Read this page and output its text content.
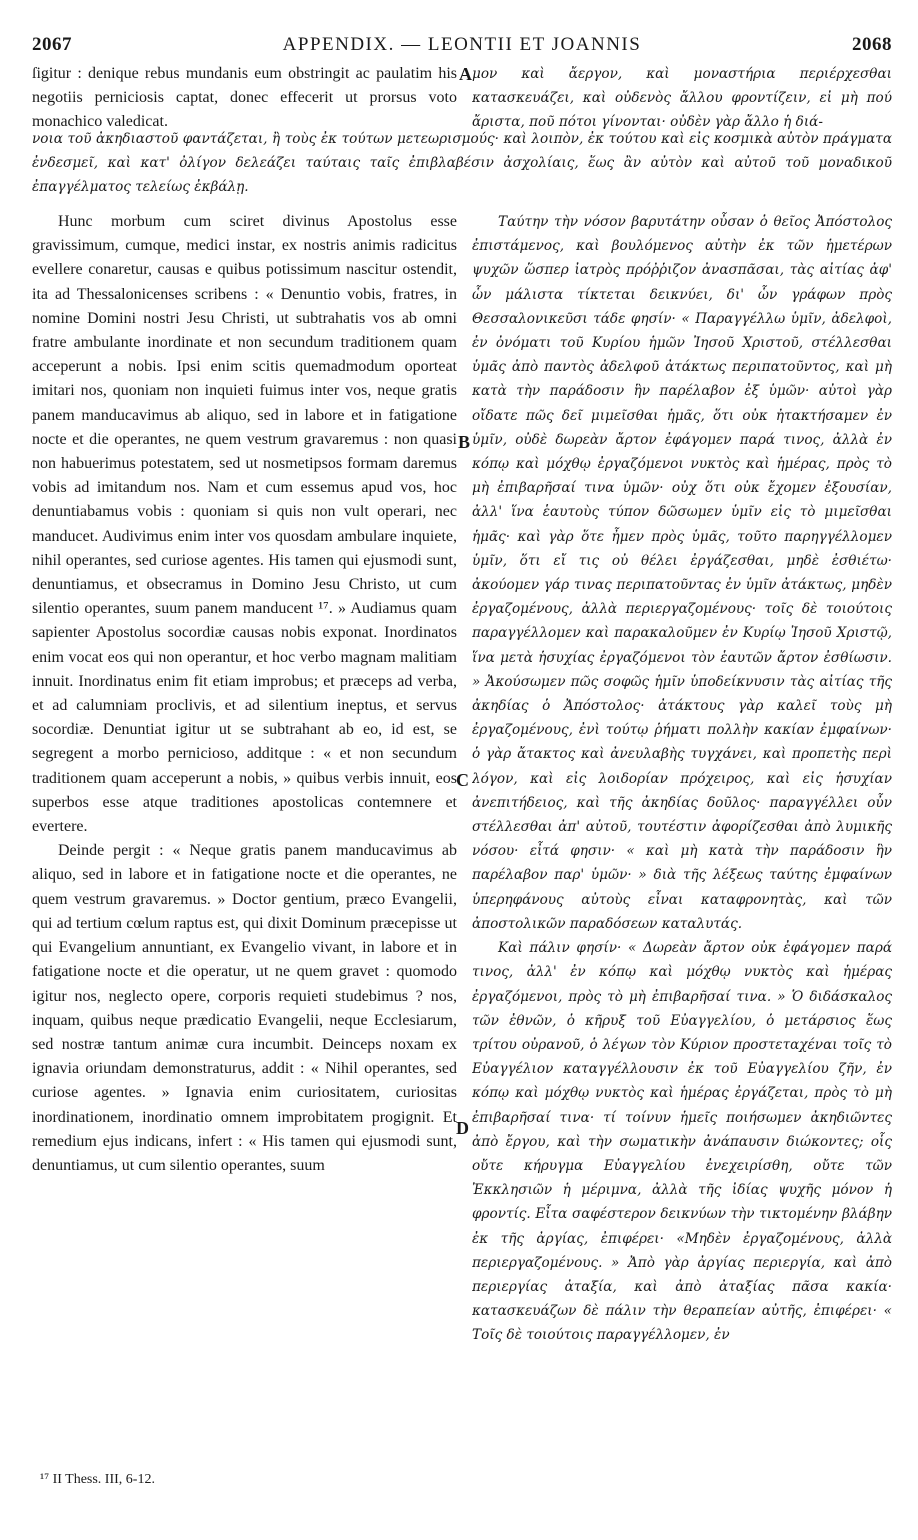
2067	APPENDIX. — LEONTII ET JOANNIS	2068

ſigitur : denique rebus mundanis eum obstringit ac paulatim his negotiis perniciosis captat, donec effecerit ut prorsus voto monachico valedicat.

μον καὶ ἄεργον, καὶ μοναστήρια περιέρχεσθαι κατασκευάζει, καὶ οὐδενὸς ἄλλου φροντίζειν, εἰ μὴ πού ἄριστα, ποῦ πότοι γίνονται· οὐδὲν γὰρ ἄλλο ἡ διά-

νοια τοῦ ἀκηδιαστοῦ φαντάζεται, ἢ τοὺς ἐκ τούτων μετεωρισμούς· καὶ λοιπὸν, ἐκ τούτου καὶ εἰς κοσμικὰ αὐτὸν πράγματα ἐνδεσμεῖ, καὶ κατ' ὀλίγον δελεάζει ταύταις ταῖς ἐπιβλαβέσιν ἀσχολίαις, ἕως ἂν αὐτὸν καὶ αὐτοῦ τοῦ μοναδικοῦ ἐπαγγέλματος τελείως ἐκβάλῃ.

Hunc morbum cum sciret divinus Apostolus esse gravissimum, cumque, medici instar, ex nostris animis radicitus evellere conaretur, causas e quibus potissimum nascitur ostendit, ita ad Thessalonicenses scribens : « Denuntio vobis, fratres, in nomine Domini nostri Jesu Christi, ut subtrahatis vos ab omni fratre ambulante inordinate et non secundum traditionem quam acceperunt a nobis. Ipsi enim scitis quemadmodum oporteat imitari nos, quoniam non inquieti fuimus inter vos, neque gratis panem manducavimus ab aliquo, sed in labore et in fatigatione nocte et die operantes, ne quem vestrum gravaremus : non quasi non habuerimus potestatem, sed ut nosmetipsos formam daremus vobis ad imitandum nos. Nam et cum essemus apud vos, hoc denuntiabamus vobis : quoniam si quis non vult operari, nec manducet. Audivimus enim inter vos quosdam ambulare inquiete, nihil operantes, sed curiose agentes. His tamen qui ejusmodi sunt, denuntiamus, et obsecramus in Domino Jesu Christo, ut cum silentio operantes, suum panem manducent ¹⁷. » Audiamus quam sapienter Apostolus socordiæ causas nobis exponat. Inordinatos enim vocat eos qui non operantur, et hoc verbo magnam malitiam innuit. Inordinatus enim fit etiam improbus; et præceps ad verba, et ad calumniam proclivis, et ad silentium ineptus, et servus socordiæ. Denuntiat igitur ut se subtrahant ab eo, id est, se segregent a morbo pernicioso, additque : « et non secundum traditionem quam acceperunt a nobis, » quibus verbis innuit, eos superbos esse atque traditiones apostolicas contemnere et evertere.

Deinde pergit : « Neque gratis panem manducavimus ab aliquo, sed in labore et in fatigatione nocte et die operantes, ne quem vestrum gravaremus. » Doctor gentium, præco Evangelii, qui ad tertium cœlum raptus est, qui dixit Dominum præcepisse ut qui Evangelium annuntiant, ex Evangelio vivant, in labore et in fatigatione nocte et die operatur, ut ne quem gravet : quomodo igitur nos, neglecto opere, corporis requieti studebimus ? nos, inquam, quibus neque prædicatio Evangelii, neque Ecclesiarum, sed nostræ tantum animæ cura incumbit. Deinceps noxam ex ignavia oriundam demonstraturus, addit : « Nihil operantes, sed curiose agentes. » Ignavia enim curiositatem, curiositas inordinationem, inordinatio omnem improbitatem progignit. Et remedium ejus indicans, infert : « His tamen qui ejusmodi sunt, denuntiamus, ut cum silentio operantes, suum

Ταύτην τὴν νόσον βαρυτάτην οὖσαν ὁ θεῖος Ἀπόστολος ἐπιστάμενος, καὶ βουλόμενος αὐτὴν ἐκ τῶν ἡμετέρων ψυχῶν ὥσπερ ἰατρὸς πρόῤῥιζον ἀνασπᾶσαι, τὰς αἰτίας ἀφ' ὧν μάλιστα τίκτεται δεικνύει, δι' ὧν γράφων πρὸς Θεσσαλονικεῦσι τάδε φησίν· « Παραγγέλλω ὑμῖν, ἀδελφοὶ, ἐν ὀνόματι τοῦ Κυρίου ἡμῶν Ἰησοῦ Χριστοῦ, στέλλεσθαι ὑμᾶς ἀπὸ παντὸς ἀδελφοῦ ἀτάκτως περιπατοῦντος, καὶ μὴ κατὰ τὴν παράδοσιν ἣν παρέλαβον ἐξ ὑμῶν· αὐτοὶ γὰρ οἴδατε πῶς δεῖ μιμεῖσθαι ἡμᾶς, ὅτι οὐκ ἠτακτήσαμεν ἐν ὑμῖν, οὐδὲ δωρεὰν ἄρτον ἐφάγομεν παρά τινος, ἀλλὰ ἐν κόπῳ καὶ μόχθῳ ἐργαζόμενοι νυκτὸς καὶ ἡμέρας, πρὸς τὸ μὴ ἐπιβαρῆσαί τινα ὑμῶν· οὐχ ὅτι οὐκ ἔχομεν ἐξουσίαν, ἀλλ' ἵνα ἑαυτοὺς τύπον δῶσωμεν ὑμῖν εἰς τὸ μιμεῖσθαι ἡμᾶς· καὶ γὰρ ὅτε ἦμεν πρὸς ὑμᾶς, τοῦτο παρηγγέλλομεν ὑμῖν, ὅτι εἴ τις οὐ θέλει ἐργάζεσθαι, μηδὲ ἐσθιέτω· ἀκούομεν γάρ τινας περιπατοῦντας ἐν ὑμῖν ἀτάκτως, μηδὲν ἐργαζομένους, ἀλλὰ περιεργαζομένους· τοῖς δὲ τοιούτοις παραγγέλλομεν καὶ παρακαλοῦμεν ἐν Κυρίῳ Ἰησοῦ Χριστῷ, ἵνα μετὰ ἡσυχίας ἐργαζόμενοι τὸν ἑαυτῶν ἄρτον ἐσθίωσιν. » Ἀκούσωμεν πῶς σοφῶς ἡμῖν ὑποδείκνυσιν τὰς αἰτίας τῆς ἀκηδίας ὁ Ἀπόστολος· ἀτάκτους γὰρ καλεῖ τοὺς μὴ ἐργαζομένους, ἐνὶ τούτῳ ῥήματι πολλὴν κακίαν ἐμφαίνων· ὁ γὰρ ἄτακτος καὶ ἀνευλαβὴς τυγχάνει, καὶ προπετὴς περὶ λόγον, καὶ εἰς λοιδορίαν πρόχειρος, καὶ εἰς ἡσυχίαν ἀνεπιτήδειος, καὶ τῆς ἀκηδίας δοῦλος· παραγγέλλει οὖν στέλλεσθαι ἀπ' αὐτοῦ, τουτέστιν ἀφορίζεσθαι ἀπὸ λυμικῆς νόσου· εἶτά φησιν· « καὶ μὴ κατὰ τὴν παράδοσιν ἣν παρέλαβον παρ' ὑμῶν· » διὰ τῆς λέξεως ταύτης ἐμφαίνων ὑπερηφάνους αὐτοὺς εἶναι καταφρονητὰς, καὶ τῶν ἀποστολικῶν παραδόσεων καταλυτάς.

Καὶ πάλιν φησίν· « Δωρεὰν ἄρτον οὐκ ἐφάγομεν παρά τινος, ἀλλ' ἐν κόπῳ καὶ μόχθῳ νυκτὸς καὶ ἡμέρας ἐργαζόμενοι, πρὸς τὸ μὴ ἐπιβαρῆσαί τινα. » Ὁ διδάσκαλος τῶν ἐθνῶν, ὁ κῆρυξ τοῦ Εὐαγγελίου, ὁ μετάρσιος ἕως τρίτου οὐρανοῦ, ὁ λέγων τὸν Κύριον προστεταχέναι τοῖς τὸ Εὐαγγέλιον καταγγέλλουσιν ἐκ τοῦ Εὐαγγελίου ζῆν, ἐν κόπῳ καὶ μόχθῳ νυκτὸς καὶ ἡμέρας ἐργάζεται, πρὸς τὸ μὴ ἐπιβαρῆσαί τινα· τί τοίνυν ἡμεῖς ποιήσωμεν ἀκηδιῶντες ἀπὸ ἔργου, καὶ τὴν σωματικὴν ἀνάπαυσιν διώκοντες; οἷς οὔτε κήρυγμα Εὐαγγελίου ἐνεχειρίσθη, οὔτε τῶν Ἐκκλησιῶν ἡ μέριμνα, ἀλλὰ τῆς ἰδίας ψυχῆς μόνον ἡ φροντίς. Εἶτα σαφέστερον δεικνύων τὴν τικτομένην βλάβην ἐκ τῆς ἀργίας, ἐπιφέρει· «Μηδὲν ἐργαζομένους, ἀλλὰ περιεργαζομένους. » Ἀπὸ γὰρ ἀργίας περιεργία, καὶ ἀπὸ περιεργίας ἀταξία, καὶ ἀπὸ ἀταξίας πᾶσα κακία· κατασκευάζων δὲ πάλιν τὴν θεραπείαν αὐτῆς, ἐπιφέρει· « Τοῖς δὲ τοιούτοις παραγγέλλομεν, ἐν

A
B
C
D
¹⁷ II Thess. III, 6-12.
